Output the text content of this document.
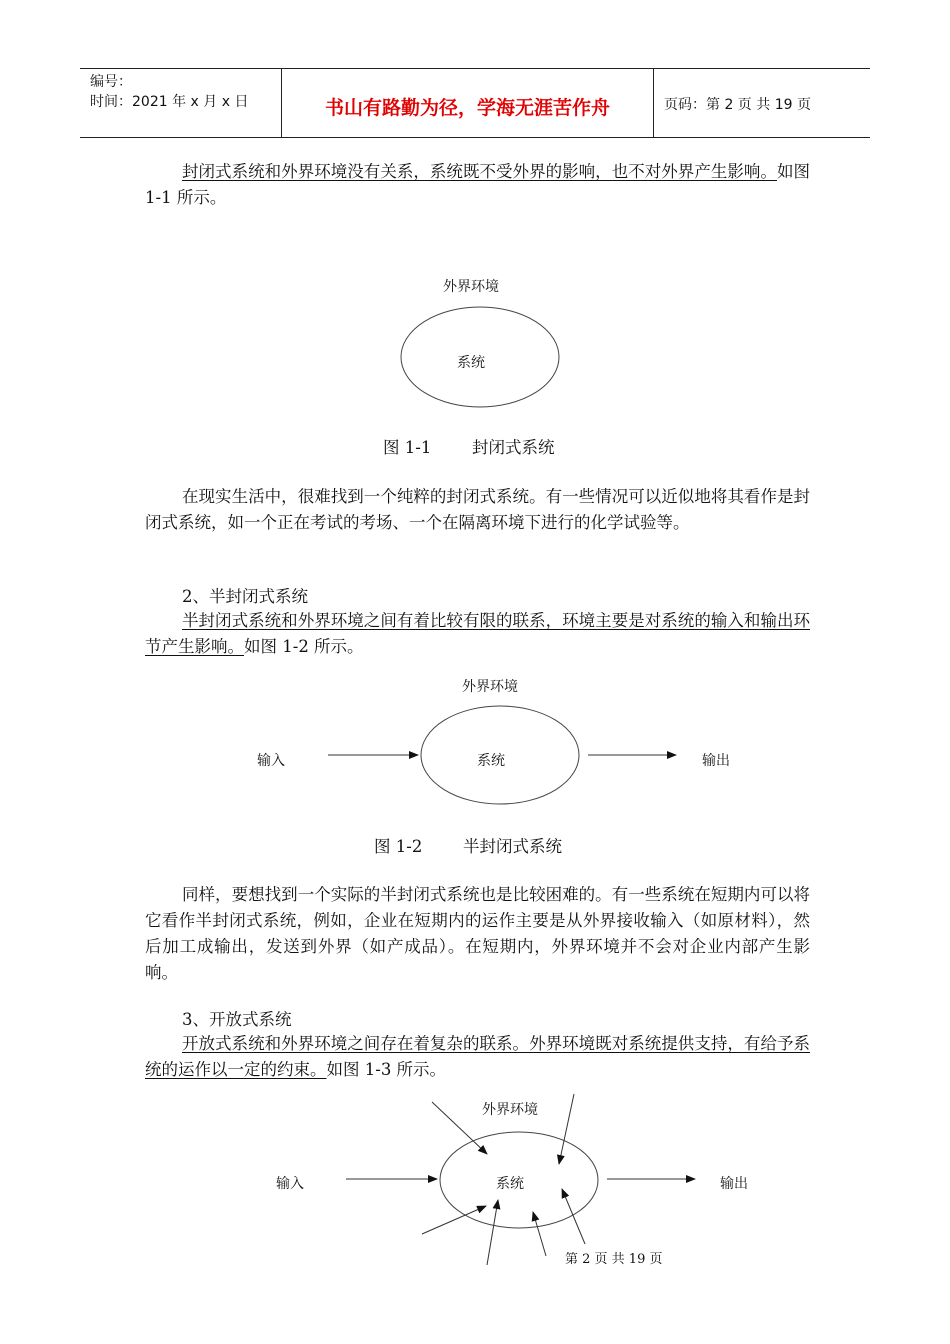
编号：
时间：2021 年 x 月 x 日	书山有路勤为径，学海无涯苦作舟	页码：第 2 页 共 19 页
封闭式系统和外界环境没有关系，系统既不受外界的影响，也不对外界产生影响。如图 1-1 所示。
外界环境
系统
图 1-1 封闭式系统
在现实生活中，很难找到一个纯粹的封闭式系统。有一些情况可以近似地将其看作是封闭式系统，如一个正在考试的考场、一个在隔离环境下进行的化学试验等。
2、半封闭式系统
半封闭式系统和外界环境之间有着比较有限的联系，环境主要是对系统的输入和输出环节产生影响。如图 1-2 所示。
外界环境
输入	输出
系统
图 1-2 半封闭式系统
同样，要想找到一个实际的半封闭式系统也是比较困难的。有一些系统在短期内可以将它看作半封闭式系统，例如，企业在短期内的运作主要是从外界接收输入（如原材料），然后加工成输出，发送到外界（如产成品）。在短期内，外界环境并不会对企业内部产生影响。
3、开放式系统
开放式系统和外界环境之间存在着复杂的联系。外界环境既对系统提供支持，有给予系统的运作以一定的约束。如图 1-3 所示。
外界环境
输入	输出
系统
第 2 页 共 19 页
